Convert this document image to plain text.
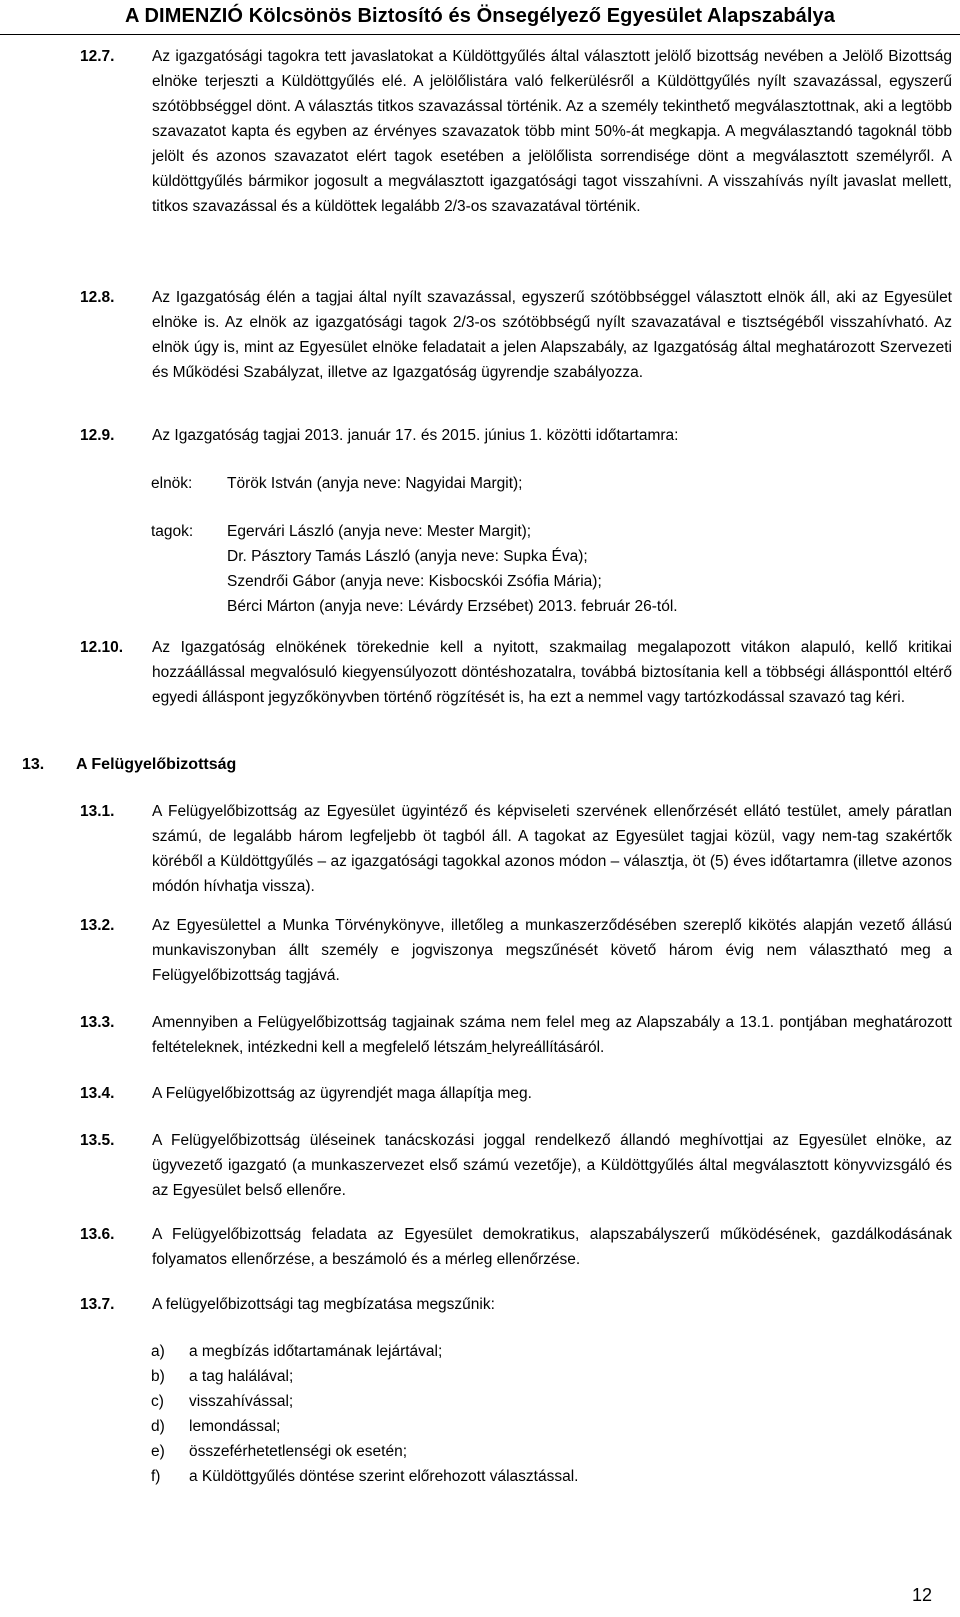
A DIMENZIÓ Kölcsönös Biztosító és Önsegélyező Egyesület Alapszabálya
12.7.	Az igazgatósági tagokra tett javaslatokat a Küldöttgyűlés által választott jelölő bizottság nevében a Jelölő Bizottság elnöke terjeszti a Küldöttgyűlés elé. A jelölőlistára való felkerülésről a Küldöttgyűlés nyílt szavazással, egyszerű szótöbbséggel dönt. A választás titkos szavazással történik. Az a személy tekinthető megválasztottnak, aki a legtöbb szavazatot kapta és egyben az érvényes szavazatok több mint 50%-át megkapja. A megválasztandó tagoknál több jelölt és azonos szavazatot elért tagok esetében a jelölőlista sorrendisége dönt a megválasztott személyről. A küldöttgyűlés bármikor jogosult a megválasztott igazgatósági tagot visszahívni. A visszahívás nyílt javaslat mellett, titkos szavazással és a küldöttek legalább 2/3-os szavazatával történik.
12.8.	Az Igazgatóság élén a tagjai által nyílt szavazással, egyszerű szótöbbséggel választott elnök áll, aki az Egyesület elnöke is. Az elnök az igazgatósági tagok 2/3-os szótöbbségű nyílt szavazatával e tisztségéből visszahívható. Az elnök úgy is, mint az Egyesület elnöke feladatait a jelen Alapszabály, az Igazgatóság által meghatározott Szervezeti és Működési Szabályzat, illetve az Igazgatóság ügyrendje szabályozza.
12.9.	Az Igazgatóság tagjai 2013. január 17. és 2015. június 1. közötti időtartamra:
elnök:	Török István (anyja neve: Nagyidai Margit);
tagok:	Egervári László (anyja neve: Mester Margit);
Dr. Pásztory Tamás László (anyja neve: Supka Éva);
Szendrői Gábor (anyja neve: Kisbocskói Zsófia Mária);
Bérci Márton (anyja neve: Lévárdy Erzsébet) 2013. február 26-tól.
12.10.	Az Igazgatóság elnökének törekednie kell a nyitott, szakmailag megalapozott vitákon alapuló, kellő kritikai hozzáállással megvalósuló kiegyensúlyozott döntéshozatalra, továbbá biztosítania kell a többségi állásponttól eltérő egyedi álláspont jegyzőkönyvben történő rögzítését is, ha ezt a nemmel vagy tartózkodással szavazó tag kéri.
13.	A Felügyelőbizottság
13.1.	A Felügyelőbizottság az Egyesület ügyintéző és képviseleti szervének ellenőrzését ellátó testület, amely páratlan számú, de legalább három legfeljebb öt tagból áll. A tagokat az Egyesület tagjai közül, vagy nem-tag szakértők köréből a Küldöttgyűlés – az igazgatósági tagokkal azonos módon – választja, öt (5) éves időtartamra (illetve azonos módón hívhatja vissza).
13.2.	Az Egyesülettel a Munka Törvénykönyve, illetőleg a munkaszerződésében szereplő kikötés alapján vezető állású munkaviszonyban állt személy e jogviszonya megszűnését követő három évig nem választható meg a Felügyelőbizottság tagjává.
13.3.	Amennyiben a Felügyelőbizottság tagjainak száma nem felel meg az Alapszabály a 13.1. pontjában meghatározott feltételeknek, intézkedni kell a megfelelő létszám helyreállításáról.
13.4.	A Felügyelőbizottság az ügyrendjét maga állapítja meg.
13.5.	A Felügyelőbizottság üléseinek tanácskozási joggal rendelkező állandó meghívottjai az Egyesület elnöke, az ügyvezető igazgató (a munkaszervezet első számú vezetője), a Küldöttgyűlés által megválasztott könyvvizsgáló és az Egyesület belső ellenőre.
13.6.	A Felügyelőbizottság feladata az Egyesület demokratikus, alapszabályszerű működésének, gazdálkodásának folyamatos ellenőrzése, a beszámoló és a mérleg ellenőrzése.
13.7.	A felügyelőbizottsági tag megbízatása megszűnik:
a)	a megbízás időtartamának lejártával;
b)	a tag halálával;
c)	visszahívással;
d)	lemondással;
e)	összeférhetetlenségi ok esetén;
f)	a Küldöttgyűlés döntése szerint előrehozott választással.
12
